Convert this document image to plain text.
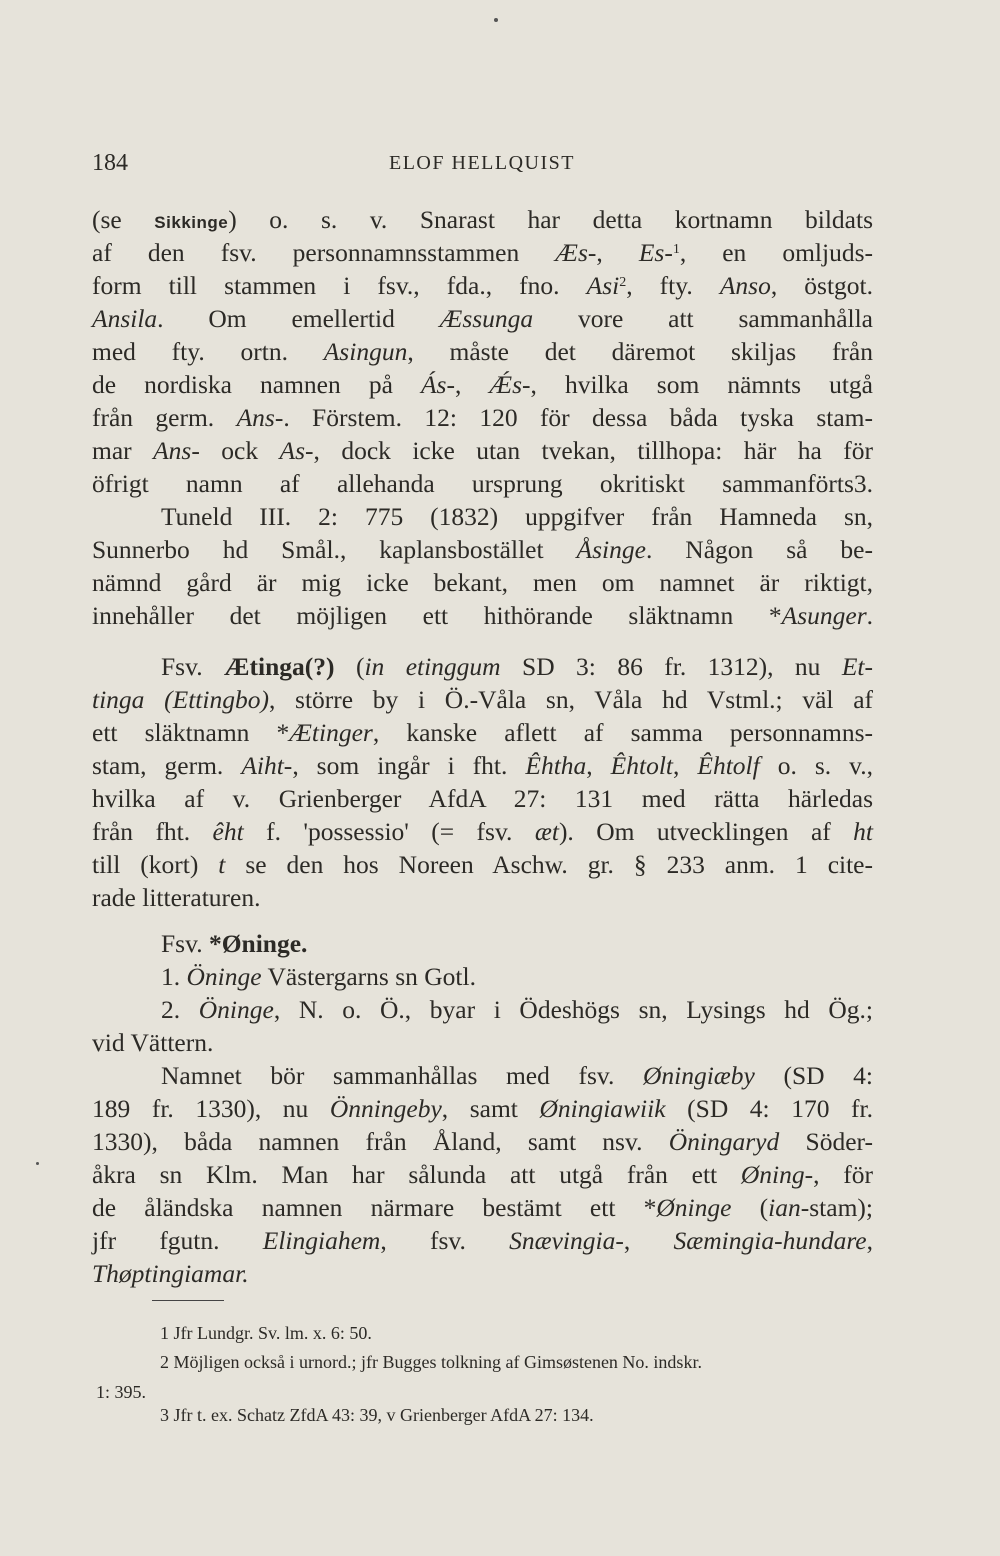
184	ELOF HELLQUIST
(se Sikkinge) o. s. v. Snarast har detta kortnamn bildats
af den fsv. personnamnsstammen Æs-, Es-$^1$, en omljuds-
form till stammen i fsv., fda., fno. Asi$^2$, fty. Anso, östgot.
Ansila. Om emellertid Æssunga vore att sammanhålla
med fty. ortn. Asingun, måste det däremot skiljas från
de nordiska namnen på Ás-, Ǽs-, hvilka som nämnts utgå
från germ. Ans-. Förstem. 12: 120 för dessa båda tyska stam-
mar Ans- ock As-, dock icke utan tvekan, tillhopa: här ha för
öfrigt namn af allehanda ursprung okritiskt sammanförts3.
Tuneld III. 2: 775 (1832) uppgifver från Hamneda sn,
Sunnerbo hd Smål., kaplansbostället Åsinge. Någon så be-
nämnd gård är mig icke bekant, men om namnet är riktigt,
innehåller det möjligen ett hithörande släktnamn *Asunger.
Fsv. Ætinga(?) (in etinggum SD 3: 86 fr. 1312), nu Et-
tinga (Ettingbo), större by i Ö.-Våla sn, Våla hd Vstml.; väl af
ett släktnamn *Ætinger, kanske aflett af samma personnamns-
stam, germ. Aiht-, som ingår i fht. Êhtha, Êhtolt, Êhtolf o. s. v.,
hvilka af v. Grienberger AfdA 27: 131 med rätta härledas
från fht. êht f. 'possessio' (= fsv. æt). Om utvecklingen af ht
till (kort) t se den hos Noreen Aschw. gr. § 233 anm. 1 cite-
rade litteraturen.
Fsv. *Øninge.
1. Öninge Västergarns sn Gotl.
2. Öninge, N. o. Ö., byar i Ödeshögs sn, Lysings hd Ög.;
vid Vättern.
Namnet bör sammanhållas med fsv. Øningiæby (SD 4:
189 fr. 1330), nu Önningeby, samt Øningiawiik (SD 4: 170 fr.
1330), båda namnen från Åland, samt nsv. Öningaryd Söder-
åkra sn Klm. Man har sålunda att utgå från ett Øning-, för
de åländska namnen närmare bestämt ett *Øninge (ian-stam);
jfr fgutn. Elingiahem, fsv. Snævingia-, Sæmingia-hundare,
Thøptingiamar.
1 Jfr Lundgr. Sv. lm. x. 6: 50.
2 Möjligen också i urnord.; jfr Bugges tolkning af Gimsøstenen No. indskr.
1: 395.
3 Jfr t. ex. Schatz ZfdA 43: 39, v Grienberger AfdA 27: 134.
